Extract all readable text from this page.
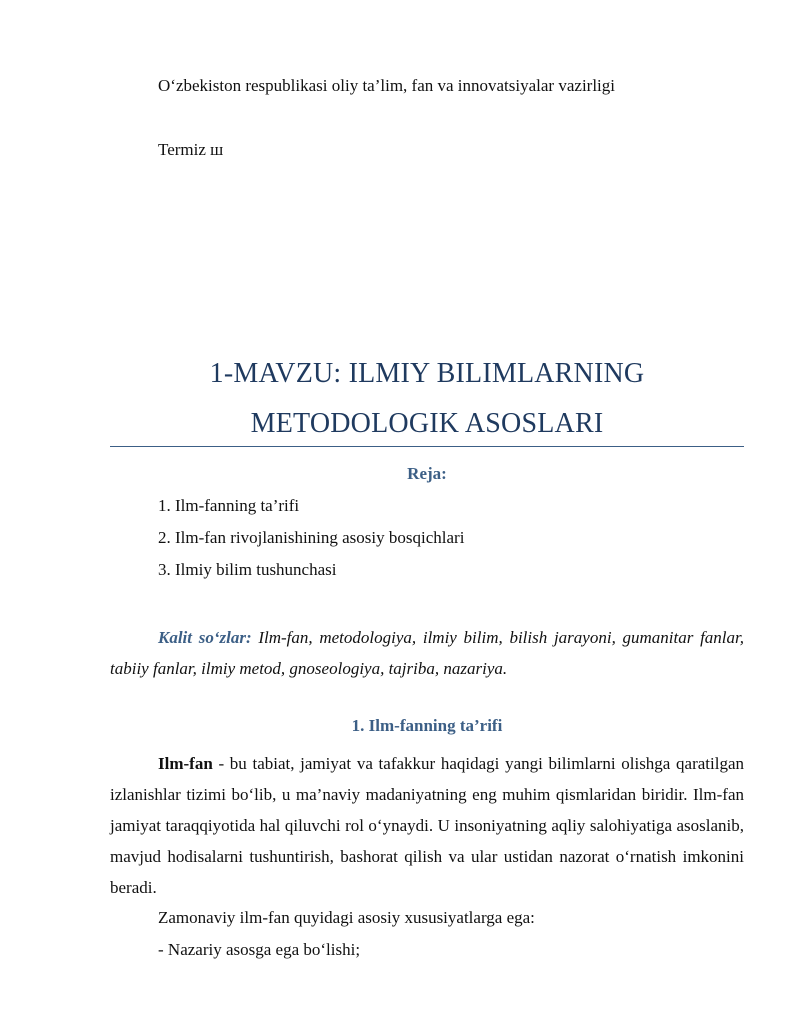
O‘zbekiston respublikasi oliy ta’lim, fan va innovatsiyalar vazirligi
Termiz ш
1-MAVZU: ILMIY BILIMLARNING
METODOLOGIK ASOSLARI
Reja:
1. Ilm-fanning ta’rifi
2. Ilm-fan rivojlanishining asosiy bosqichlari
3. Ilmiy bilim tushunchasi
Kalit so‘zlar: Ilm-fan, metodologiya, ilmiy bilim, bilish jarayoni, gumanitar fanlar, tabiiy fanlar, ilmiy metod, gnoseologiya, tajriba, nazariya.
1. Ilm-fanning ta’rifi
Ilm-fan - bu tabiat, jamiyat va tafakkur haqidagi yangi bilimlarni olishga qaratilgan izlanishlar tizimi bo‘lib, u ma’naviy madaniyatning eng muhim qismlaridan biridir. Ilm-fan jamiyat taraqqiyotida hal qiluvchi rol o‘ynaydi. U insoniyatning aqliy salohiyatiga asoslanib, mavjud hodisalarni tushuntirish, bashorat qilish va ular ustidan nazorat o‘rnatish imkonini beradi.
Zamonaviy ilm-fan quyidagi asosiy xususiyatlarga ega:
- Nazariy asosga ega bo‘lishi;
